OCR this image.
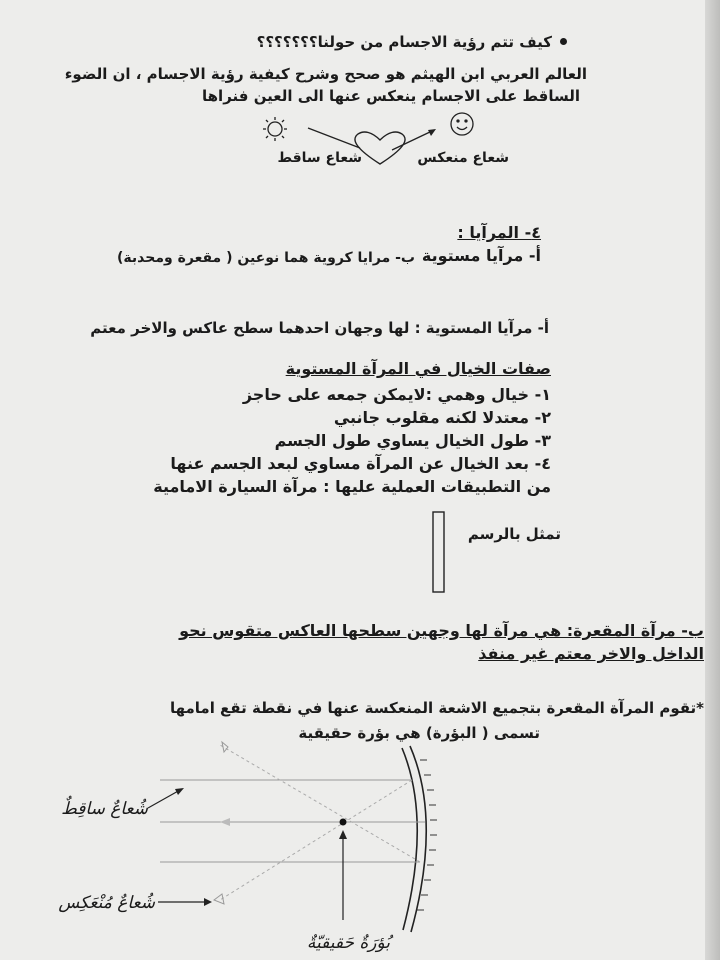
كيف تتم رؤية الاجسام من حولنا؟؟؟؟؟؟؟
العالم العربي ابن الهيثم هو صحح وشرح كيفية رؤية الاجسام ، ان الضوء
الساقط على الاجسام ينعكس عنها الى العين فنراها
شعاع ساقط	شعاع منعكس
٤- المرآيا :
أ- مرآيا مستوية
ب- مرايا كروية هما نوعين ( مقعرة ومحدبة)
أ- مرآيا المستوية : لها وجهان احدهما سطح عاكس والاخر معتم
صفات الخيال في المرآة المستوية
١- خيال وهمي :لايمكن جمعه على حاجز
٢- معتدلا لكنه مقلوب جانبي
٣- طول الخيال يساوي طول الجسم
٤- بعد الخيال عن المرآة مساوي لبعد الجسم عنها
من التطبيقات العملية عليها : مرآة السيارة الامامية
تمثل بالرسم
ب- مرآة المقعرة: هي مرآة لها وجهين سطحها العاكس متقوس نحو
الداخل والاخر معتم غير منفذ
*تقوم المرآة المقعرة بتجميع الاشعة المنعكسة عنها في نقطة تقع امامها
تسمى ( البؤرة) هي بؤرة حقيقية
شُعاعٌ ساقِطٌ
شُعاعٌ مُنْعَكِس
بُؤرَةٌ حَقيقيّةٌ
